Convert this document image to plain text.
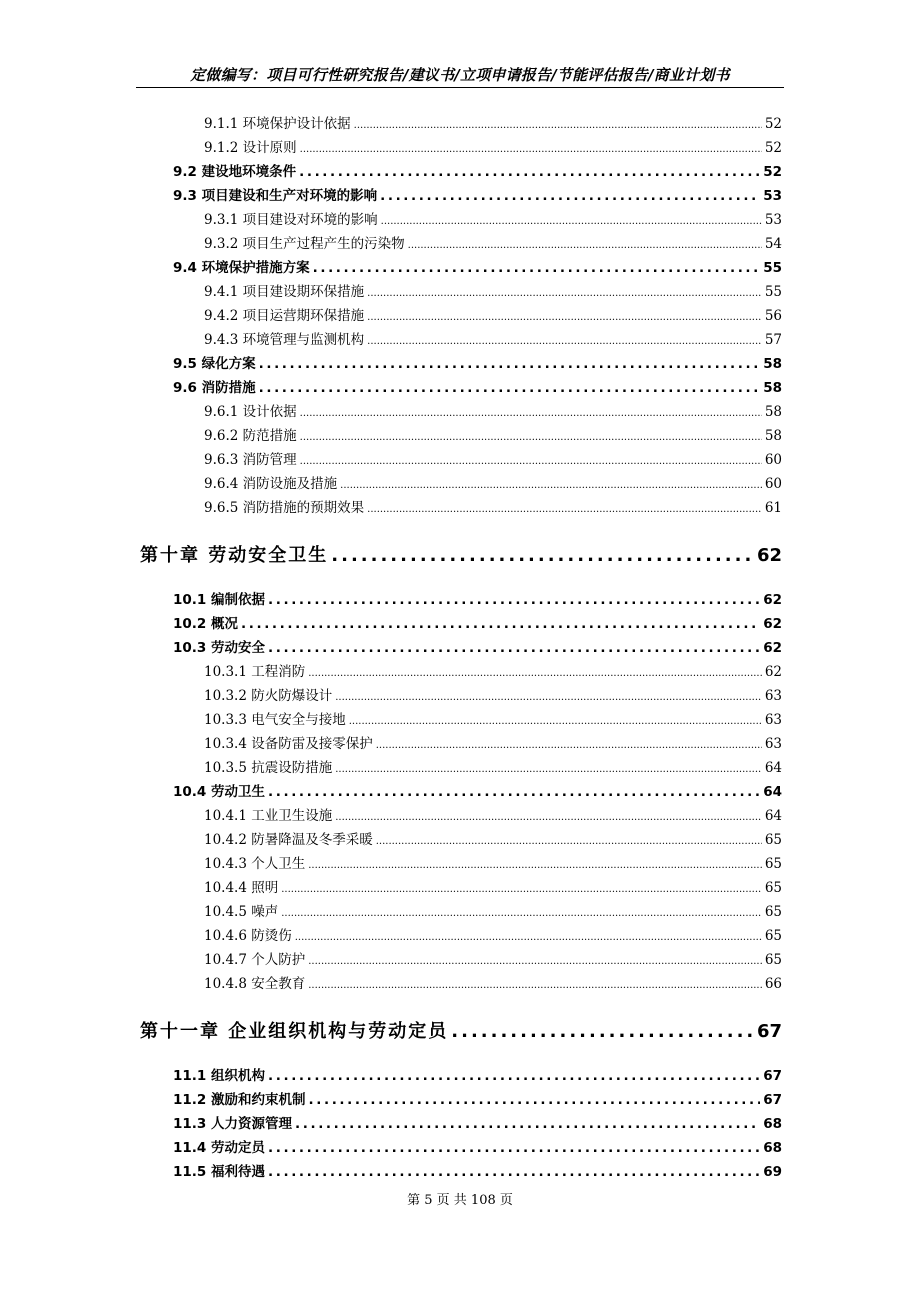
定做编写：项目可行性研究报告/建议书/立项申请报告/节能评估报告/商业计划书
9.1.1 环境保护设计依据 .....	52
9.1.2 设计原则 .....	52
9.2 建设地环境条件 .....	52
9.3 项目建设和生产对环境的影响 .....	53
9.3.1 项目建设对环境的影响 .....	53
9.3.2 项目生产过程产生的污染物 .....	54
9.4 环境保护措施方案 .....	55
9.4.1 项目建设期环保措施 .....	55
9.4.2 项目运营期环保措施 .....	56
9.4.3 环境管理与监测机构 .....	57
9.5 绿化方案 .....	58
9.6 消防措施 .....	58
9.6.1 设计依据 .....	58
9.6.2 防范措施 .....	58
9.6.3 消防管理 .....	60
9.6.4 消防设施及措施 .....	60
9.6.5 消防措施的预期效果 .....	61
第十章 劳动安全卫生 .....	62
10.1 编制依据 .....	62
10.2 概况 .....	62
10.3 劳动安全 .....	62
10.3.1 工程消防 .....	62
10.3.2 防火防爆设计 .....	63
10.3.3 电气安全与接地 .....	63
10.3.4 设备防雷及接零保护 .....	63
10.3.5 抗震设防措施 .....	64
10.4 劳动卫生 .....	64
10.4.1 工业卫生设施 .....	64
10.4.2 防暑降温及冬季采暖 .....	65
10.4.3 个人卫生 .....	65
10.4.4 照明 .....	65
10.4.5 噪声 .....	65
10.4.6 防烫伤 .....	65
10.4.7 个人防护 .....	65
10.4.8 安全教育 .....	66
第十一章 企业组织机构与劳动定员 .....	67
11.1 组织机构 .....	67
11.2 激励和约束机制 .....	67
11.3 人力资源管理 .....	68
11.4 劳动定员 .....	68
11.5 福利待遇 .....	69
第 5 页 共 108 页
